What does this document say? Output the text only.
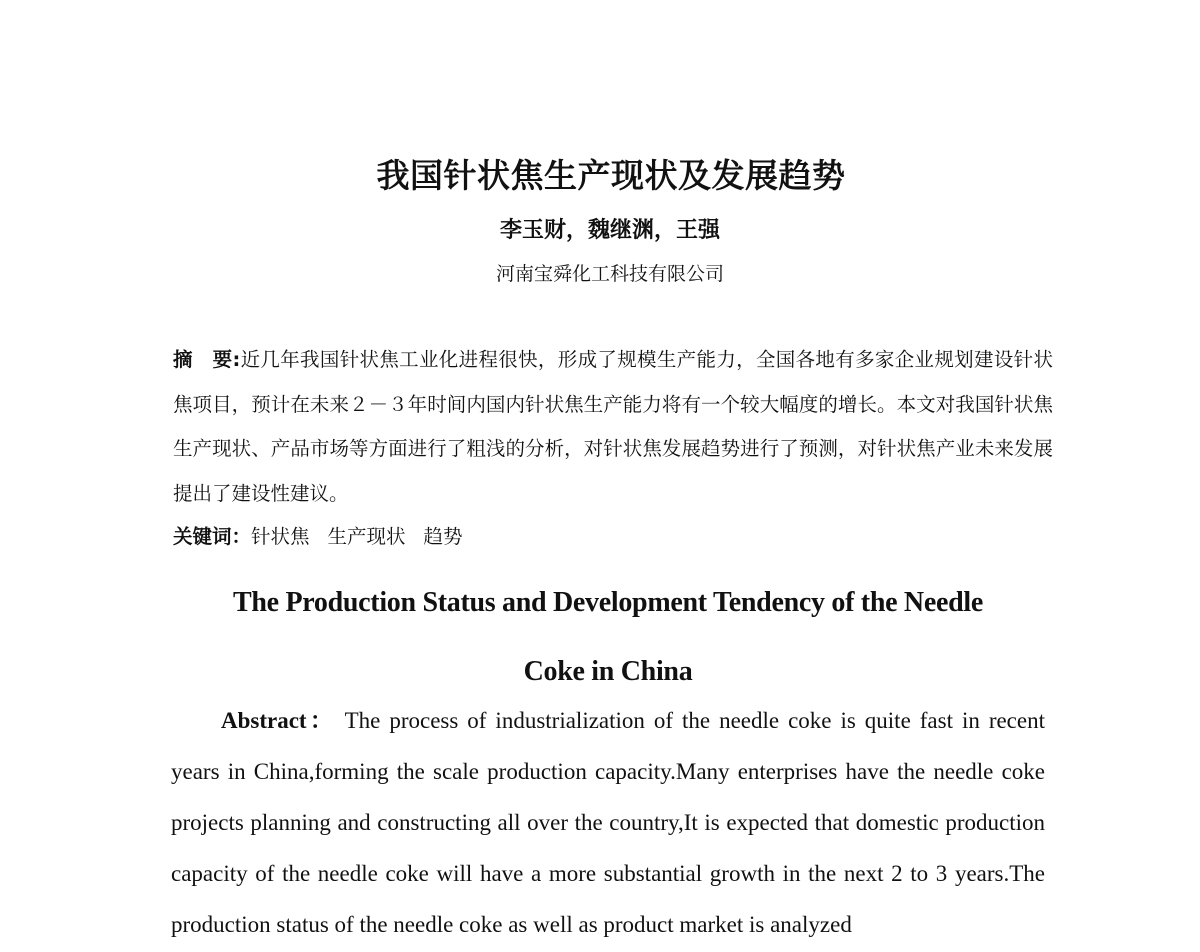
我国针状焦生产现状及发展趋势
李玉财，魏继渊，王强
河南宝舜化工科技有限公司
摘　要:近几年我国针状焦工业化进程很快，形成了规模生产能力，全国各地有多家企业规划建设针状焦项目，预计在未来２－３年时间内国内针状焦生产能力将有一个较大幅度的增长。本文对我国针状焦生产现状、产品市场等方面进行了粗浅的分析，对针状焦发展趋势进行了预测，对针状焦产业未来发展提出了建设性建议。
关键词：针状焦 生产现状 趋势
The Production Status and Development Tendency of the Needle Coke in China
Abstract： The process of industrialization of the needle coke is quite fast in recent years in China,forming the scale production capacity.Many enterprises have the needle coke projects planning and constructing all over the country,It is expected that domestic production capacity of the needle coke will have a more substantial growth in the next 2 to 3 years.The production status of the needle coke as well as product market is analyzed
